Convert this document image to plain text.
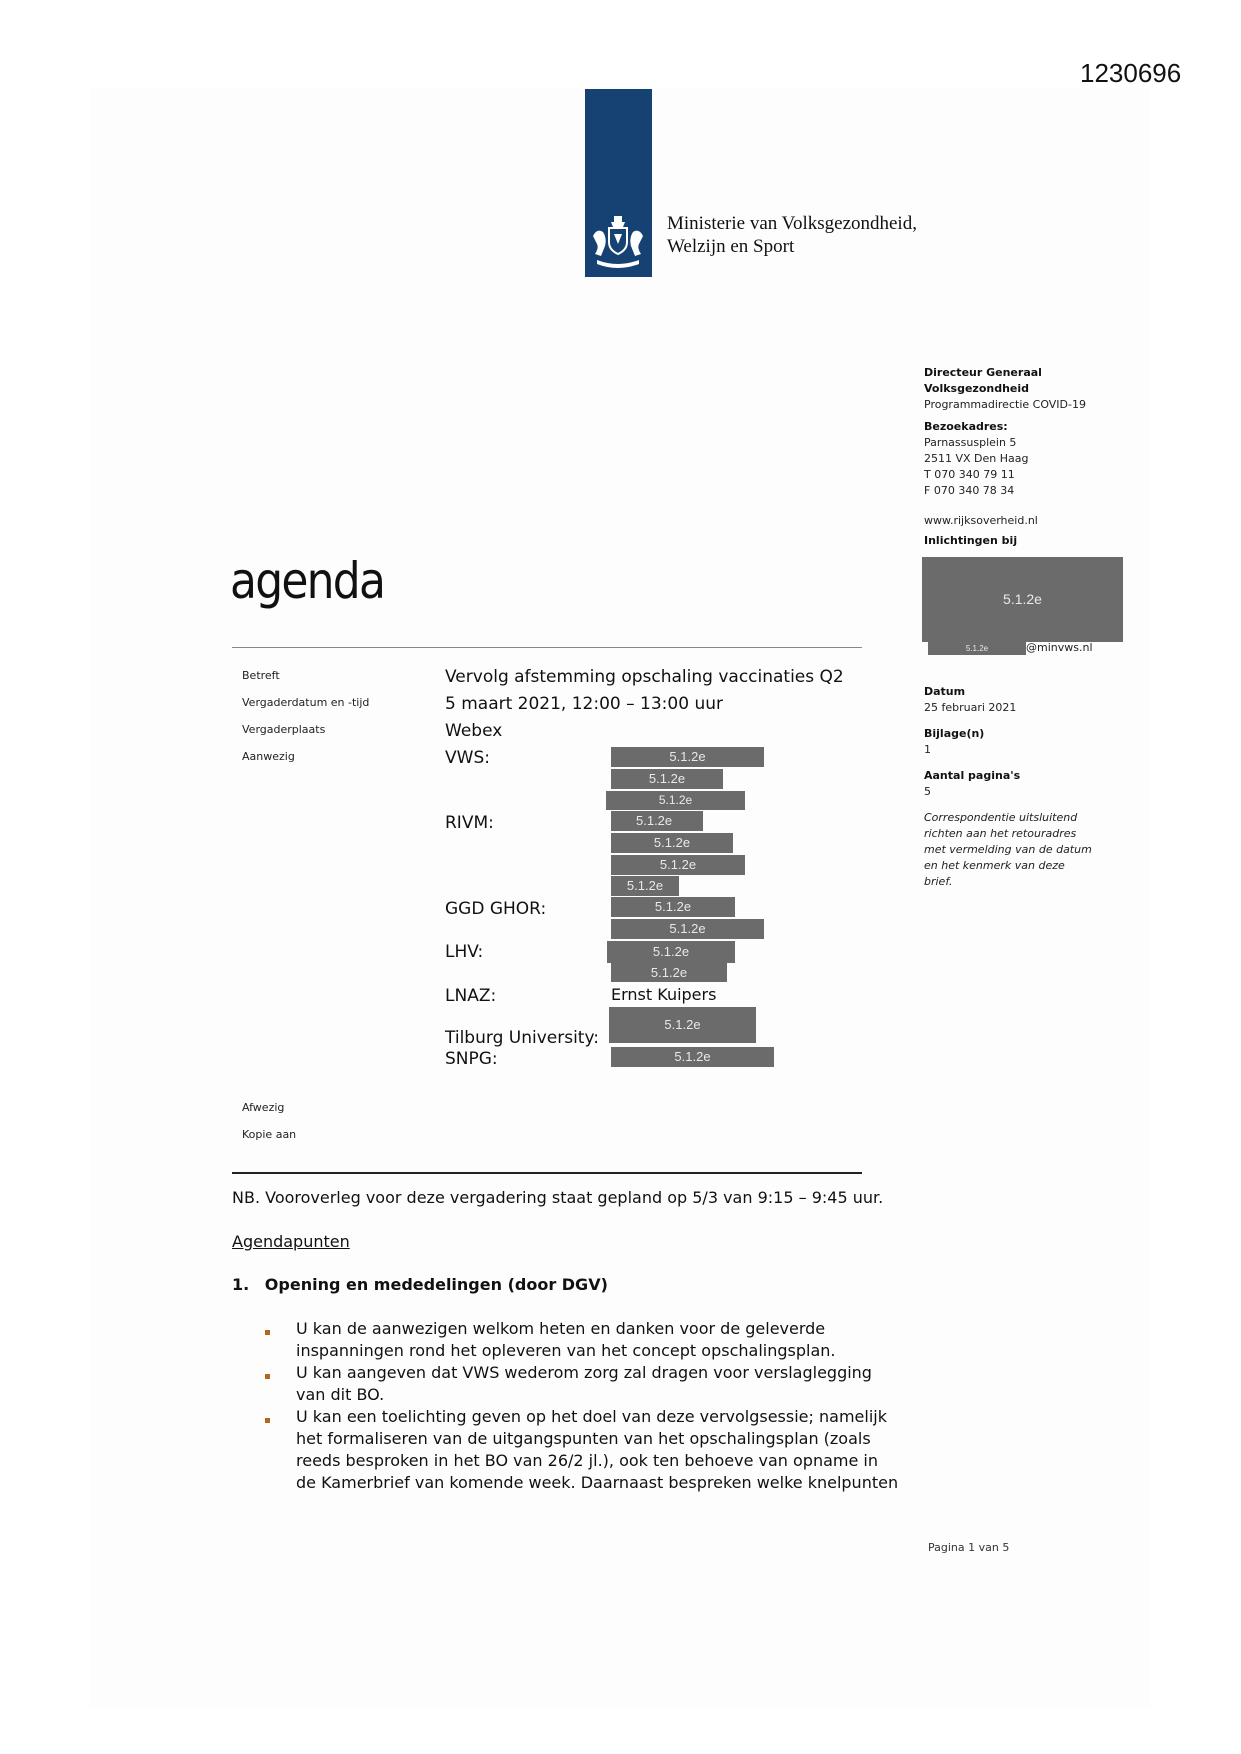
1230696
Ministerie van Volksgezondheid,
Welzijn en Sport
Directeur Generaal
Volksgezondheid
Programmadirectie COVID-19
Bezoekadres:
Parnassusplein 5
2511 VX Den Haag
T 070 340 79 11
F 070 340 78 34
www.rijksoverheid.nl
Inlichtingen bij
5.1.2e
5.1.2e	@minvws.nl
Datum
25 februari 2021
Bijlage(n)
1
Aantal pagina's
5
Correspondentie uitsluitend
richten aan het retouradres
met vermelding van de datum
en het kenmerk van deze
brief.
agenda
Betreft
Vergaderdatum en -tijd
Vergaderplaats
Aanwezig
Afwezig
Kopie aan
Vervolg afstemming opschaling vaccinaties Q2
5 maart 2021, 12:00 – 13:00 uur
Webex
VWS:
RIVM:
GGD GHOR:
LHV:
LNAZ:
Tilburg University:
SNPG:
5.1.2e
5.1.2e
5.1.2e
5.1.2e
5.1.2e
5.1.2e
5.1.2e
5.1.2e
5.1.2e
5.1.2e
5.1.2e
Ernst Kuipers
5.1.2e
5.1.2e
NB. Vooroverleg voor deze vergadering staat gepland op 5/3 van 9:15 – 9:45 uur.
Agendapunten
1. Opening en mededelingen (door DGV)
U kan de aanwezigen welkom heten en danken voor de geleverde
inspanningen rond het opleveren van het concept opschalingsplan.
U kan aangeven dat VWS wederom zorg zal dragen voor verslaglegging
van dit BO.
U kan een toelichting geven op het doel van deze vervolgsessie; namelijk
het formaliseren van de uitgangspunten van het opschalingsplan (zoals
reeds besproken in het BO van 26/2 jl.), ook ten behoeve van opname in
de Kamerbrief van komende week. Daarnaast bespreken welke knelpunten
Pagina 1 van 5
